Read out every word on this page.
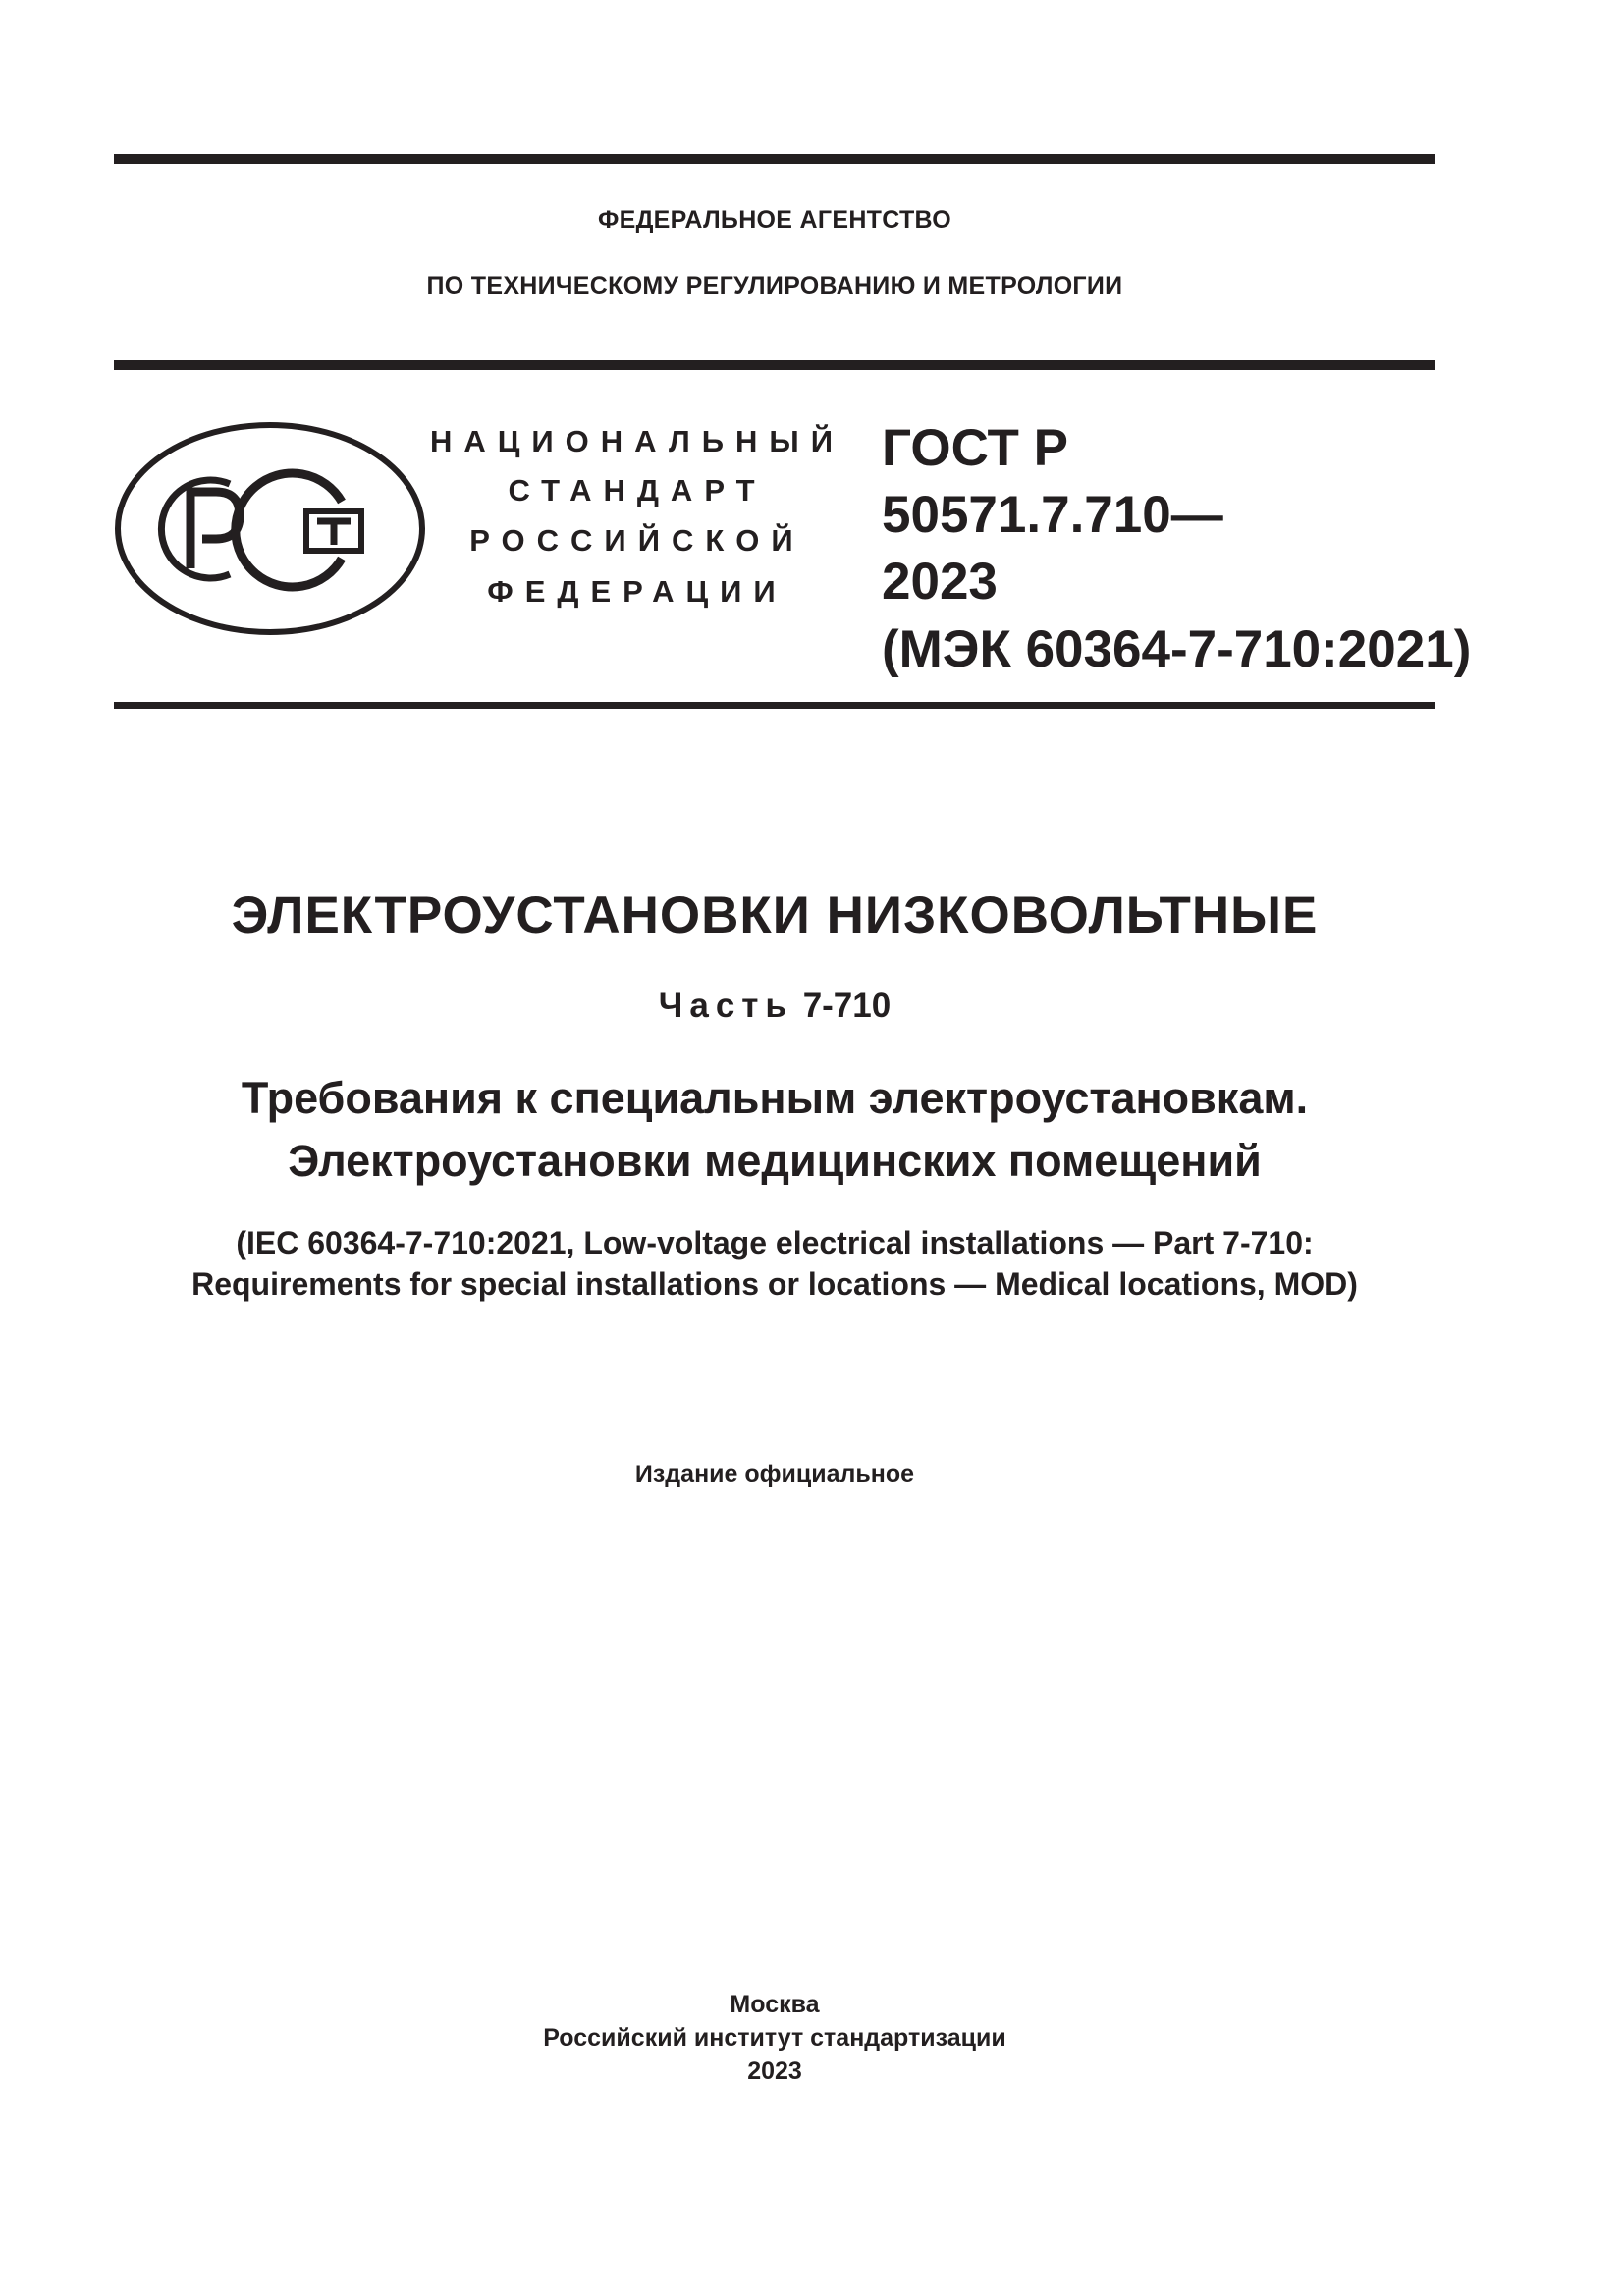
ФЕДЕРАЛЬНОЕ АГЕНТСТВО
ПО ТЕХНИЧЕСКОМУ РЕГУЛИРОВАНИЮ И МЕТРОЛОГИИ
НАЦИОНАЛЬНЫЙ
СТАНДАРТ
РОССИЙСКОЙ
ФЕДЕРАЦИИ
ГОСТ Р
50571.7.710—
2023
(МЭК 60364-7-710:2021)
ЭЛЕКТРОУСТАНОВКИ НИЗКОВОЛЬТНЫЕ
Часть 7-710
Требования к специальным электроустановкам.
Электроустановки медицинских помещений
(IEC 60364-7-710:2021, Low-voltage electrical installations — Part 7-710:
Requirements for special installations or locations — Medical locations, MOD)
Издание официальное
Москва
Российский институт стандартизации
2023
